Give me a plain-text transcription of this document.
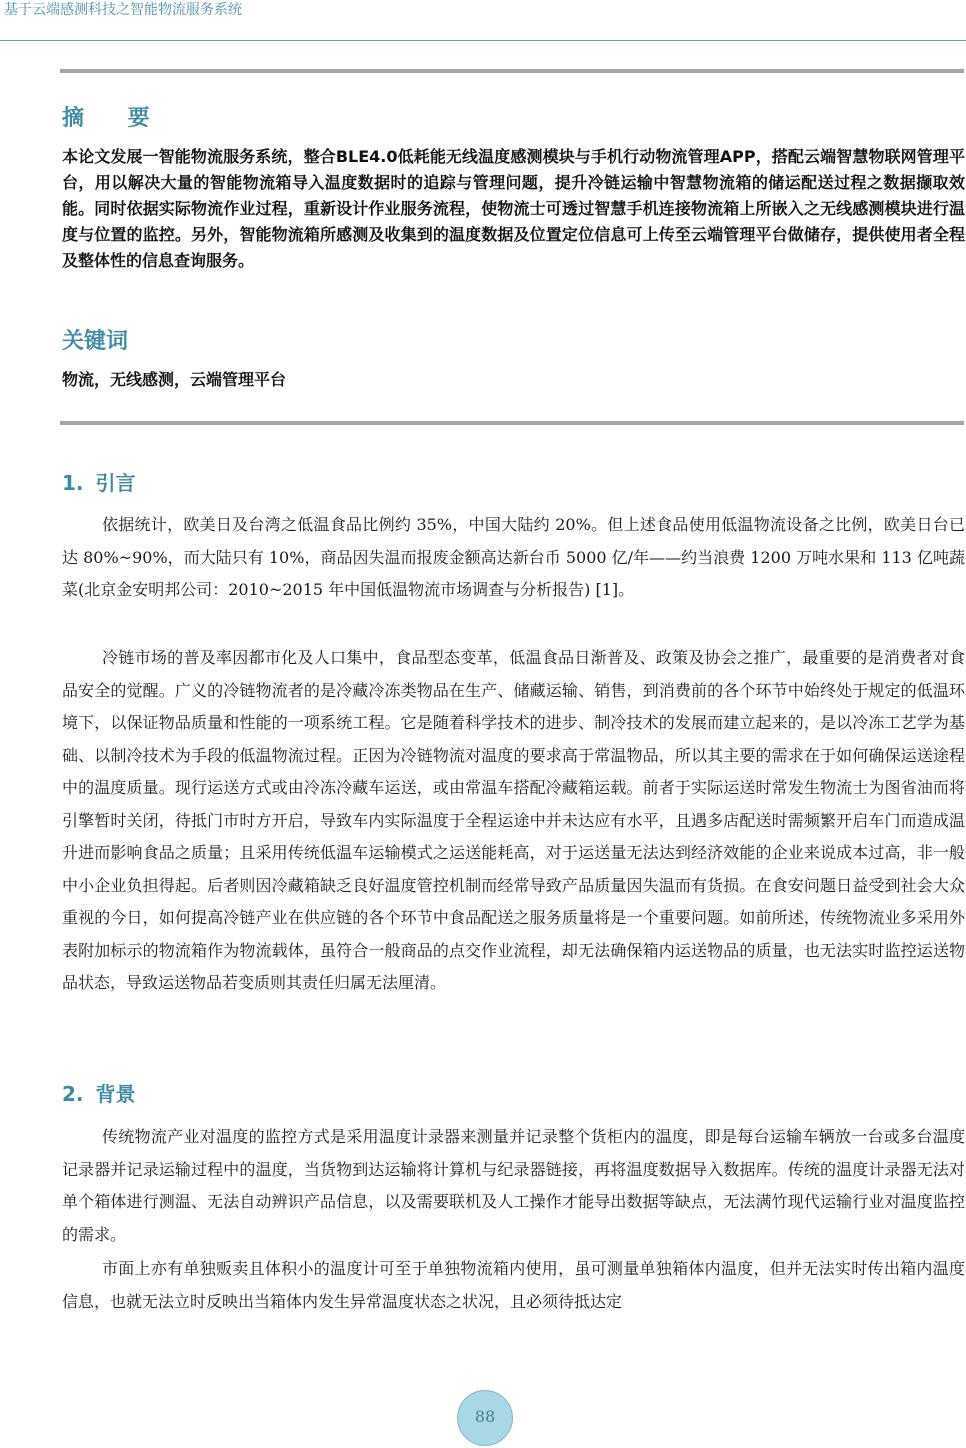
基于云端感测科技之智能物流服务系统
摘 要
本论文发展一智能物流服务系统，整合BLE4.0低耗能无线温度感测模块与手机行动物流管理APP，搭配云端智慧物联网管理平台，用以解决大量的智能物流箱导入温度数据时的追踪与管理问题，提升冷链运输中智慧物流箱的储运配送过程之数据撷取效能。同时依据实际物流作业过程，重新设计作业服务流程，使物流士可透过智慧手机连接物流箱上所嵌入之无线感测模块进行温度与位置的监控。另外，智能物流箱所感测及收集到的温度数据及位置定位信息可上传至云端管理平台做储存，提供使用者全程及整体性的信息查询服务。
关键词
物流，无线感测，云端管理平台
1. 引言
依据统计，欧美日及台湾之低温食品比例约 35%，中国大陆约 20%。但上述食品使用低温物流设备之比例，欧美日台已达 80%~90%，而大陆只有 10%，商品因失温而报废金额高达新台币 5000 亿/年——约当浪费 1200 万吨水果和 113 亿吨蔬菜(北京金安明邦公司：2010~2015 年中国低温物流市场调查与分析报告) [1]。
冷链市场的普及率因都市化及人口集中，食品型态变革，低温食品日渐普及、政策及协会之推广，最重要的是消费者对食品安全的觉醒。广义的冷链物流者的是冷藏冷冻类物品在生产、储藏运输、销售，到消费前的各个环节中始终处于规定的低温环境下，以保证物品质量和性能的一项系统工程。它是随着科学技术的进步、制冷技术的发展而建立起来的，是以冷冻工艺学为基础、以制冷技术为手段的低温物流过程。正因为冷链物流对温度的要求高于常温物品，所以其主要的需求在于如何确保运送途程中的温度质量。现行运送方式或由冷冻冷藏车运送，或由常温车搭配冷藏箱运载。前者于实际运送时常发生物流士为图省油而将引擎暂时关闭，待抵门市时方开启，导致车内实际温度于全程运途中并未达应有水平，且遇多店配送时需频繁开启车门而造成温升进而影响食品之质量；且采用传统低温车运输模式之运送能耗高，对于运送量无法达到经济效能的企业来说成本过高，非一般中小企业负担得起。后者则因冷藏箱缺乏良好温度管控机制而经常导致产品质量因失温而有货损。在食安问题日益受到社会大众重视的今日，如何提高冷链产业在供应链的各个环节中食品配送之服务质量将是一个重要问题。如前所述，传统物流业多采用外表附加标示的物流箱作为物流载体，虽符合一般商品的点交作业流程，却无法确保箱内运送物品的质量，也无法实时监控运送物品状态，导致运送物品若变质则其责任归属无法厘清。
2. 背景
传统物流产业对温度的监控方式是采用温度计录器来测量并记录整个货柜内的温度，即是每台运输车辆放一台或多台温度记录器并记录运输过程中的温度，当货物到达运输将计算机与纪录器链接，再将温度数据导入数据库。传统的温度计录器无法对单个箱体进行测温、无法自动辨识产品信息，以及需要联机及人工操作才能导出数据等缺点，无法满竹现代运输行业对温度监控的需求。
市面上亦有单独贩卖且体积小的温度计可至于单独物流箱内使用，虽可测量单独箱体内温度，但并无法实时传出箱内温度信息，也就无法立时反映出当箱体内发生异常温度状态之状况，且必须待抵达定
88
